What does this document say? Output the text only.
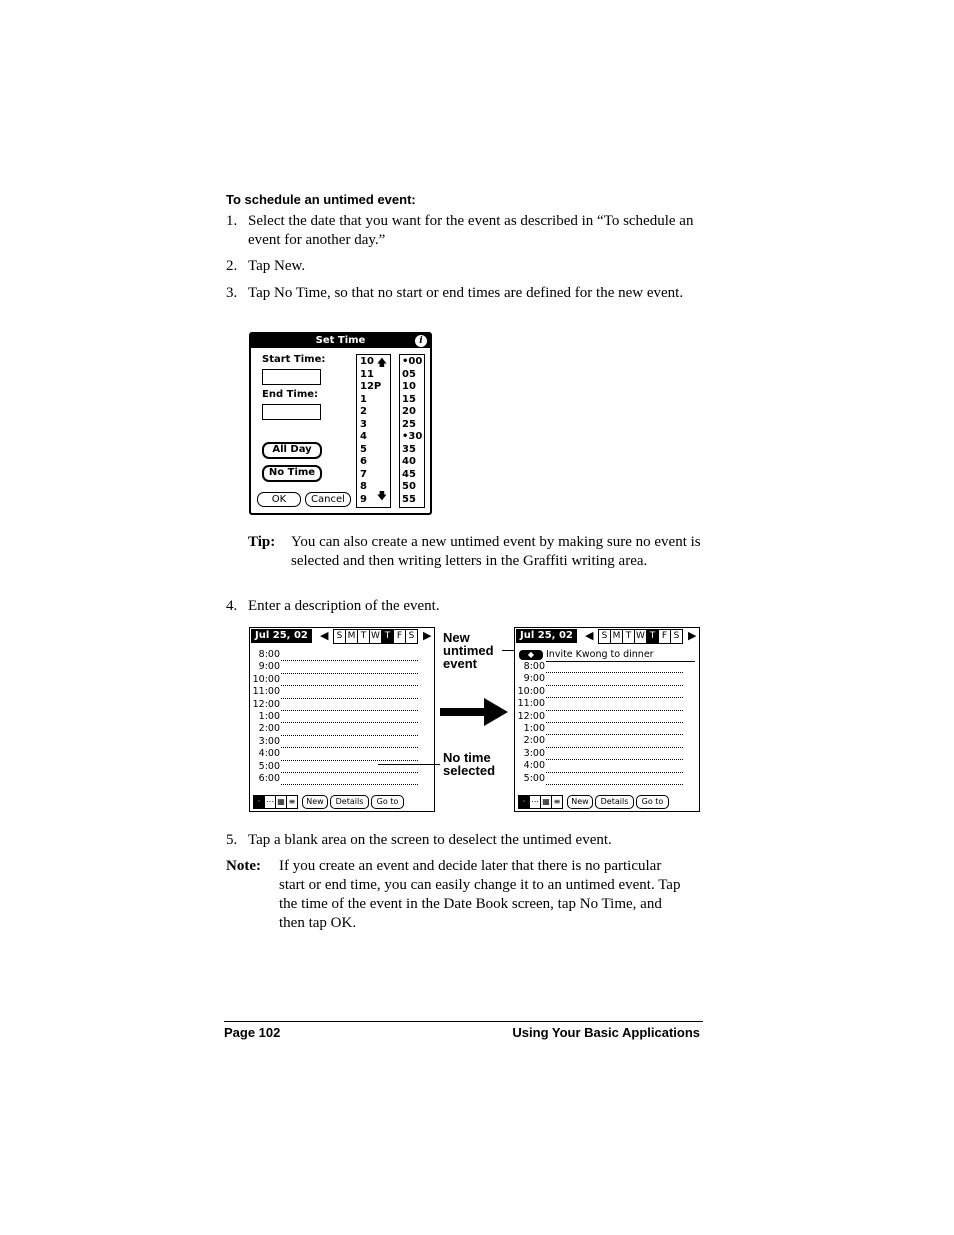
To schedule an untimed event:
1. Select the date that you want for the event as described in “To schedule an event for another day.”
2. Tap New.
3. Tap No Time, so that no start or end times are defined for the new event.
Set Time	i
Start Time:
End Time:
All Day
No Time
OK	Cancel
10
11
12P
1
2
3
4
5
6
7
8
9
🡅
🡇
•00
05
10
15
20
25
•30
35
40
45
50
55
Tip: You can also create a new untimed event by making sure no event is selected and then writing letters in the Graffiti writing area.
4. Enter a description of the event.
Jul 25, 02	◀ S M T W T F S ▶
8:00
9:00
10:00
11:00
12:00
1:00
2:00
3:00
4:00
5:00
6:00
· ⋯ ▦ ≡	New	Details	Go to
New untimed event
No time selected
Jul 25, 02	◀ S M T W T F S ▶
◆	Invite Kwong to dinner
8:00
9:00
10:00
11:00
12:00
1:00
2:00
3:00
4:00
5:00
· ⋯ ▦ ≡	New	Details	Go to
5. Tap a blank area on the screen to deselect the untimed event.
Note: If you create an event and decide later that there is no particular start or end time, you can easily change it to an untimed event. Tap the time of the event in the Date Book screen, tap No Time, and then tap OK.
Page 102	Using Your Basic Applications
